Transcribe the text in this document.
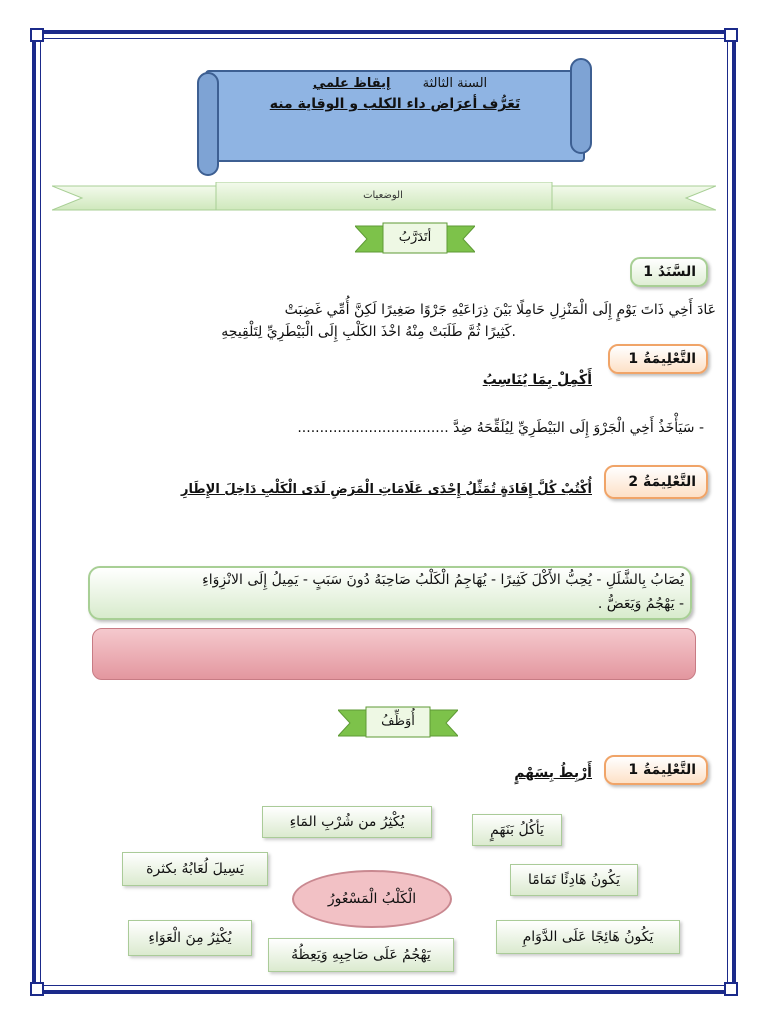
السنة الثالثة إيقاظ علمي
تَعَرُّف أعرَاض داء الكلب و الوقاية منه
الوضعيات
أتَدَرَّبُ
السَّنَدُ 1
عَادَ أَخِي ذَاتَ يَوْمٍ إِلَى الْمَنْزِلِ حَامِلًا بَيْنَ ذِرَاعَيْهِ جَرْوًا صَغِيرًا لَكِنَّ أُمِّي غَضِبَتْ
.كَثِيرًا ثُمَّ طَلَبَتْ مِنْهُ اخْذَ الكَلْبِ إِلَى الْبَيْطَرِيِّ لِتَلْقِيحِهِ
التَّعْلِيمَةُ 1
أَكْمِلْ بِمَا يُنَاسِبُ
- سَيَأْخَذُ أَخِي الْجَرْوَ إِلَى البَيْطَرِيِّ لِيُلَقِّحَهُ ضِدَّ ..................................
التَّعْلِيمَةُ 2
أُكْتُبْ كُلَّ إِفَادَةٍ تُمَثِّلُ إِحْدَى عَلَامَاتِ الْمَرَضِ لَدَى الْكَلْبِ دَاخِلَ الإِطَارِ
يُصَابُ بِالشَّلَلِ - يُحِبُّ الأَكْلَ كَثِيرًا - يُهَاجِمُ الْكَلْبُ صَاحِبَهُ دُونَ سَبَبٍ - يَمِيلُ إِلَى الانْزِوَاءِ
- يَهْجُمُ وَيَعَضُّ .
أُوَظِّفُ
التَّعْلِيمَةُ 1
أَرْبِطُ بِسَهْمٍ
يُكْثِرُ من شُرْبِ المَاءِ	يَأكُلُ بَنَهَمٍ
يَسِيلَ لُعَابُهُ بكثرة
يَكُونُ هَادِئًا تَمَامًا
الْكَلْبُ الْمَسْعُورُ
يُكْثِرُ مِنَ الْعَوَاءِ	يَكُونُ هَائِجًا عَلَى الدَّوَامِ
يَهْجُمُ عَلَى صَاحِبِهِ وَيَعِظُهُ
